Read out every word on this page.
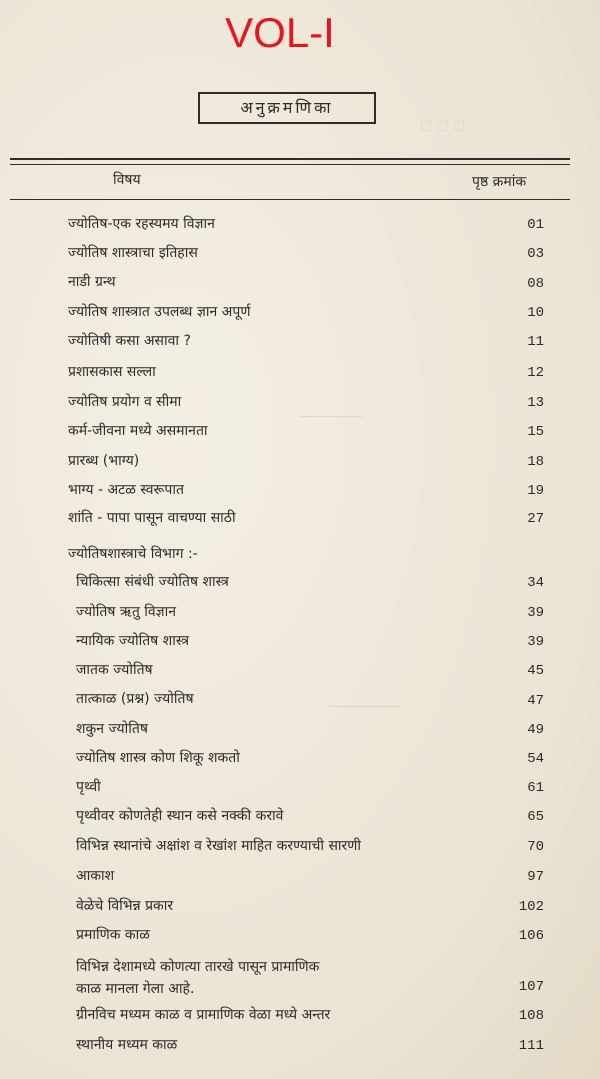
□ □ □
────────
─────────
VOL-I
अनुक्रमणिका
विषय	पृष्ठ क्रमांक
ज्योतिष-एक रहस्यमय विज्ञान	01
ज्योतिष शास्त्राचा इतिहास	03
नाडी ग्रन्थ	08
ज्योतिष शास्त्रात उपलब्ध ज्ञान अपूर्ण	10
ज्योतिषी कसा असावा ?	11
प्रशासकास सल्ला	12
ज्योतिष प्रयोग व सीमा	13
कर्म-जीवना मध्ये असमानता	15
प्रारब्ध (भाग्य)	18
भाग्य - अटळ स्वरूपात	19
शांति - पापा पासून वाचण्या साठी	27
ज्योतिषशास्त्राचे विभाग :-
चिकित्सा संबंधी ज्योतिष शास्त्र	34
ज्योतिष ऋतु विज्ञान	39
न्यायिक ज्योतिष शास्त्र	39
जातक ज्योतिष	45
तात्काळ (प्रश्न) ज्योतिष	47
शकुन ज्योतिष	49
ज्योतिष शास्त्र कोण शिकू शकतो	54
पृथ्वी	61
पृथ्वीवर कोणतेही स्थान कसे नक्की करावे	65
विभिन्न स्थानांचे अक्षांश व रेखांश माहित करण्याची सारणी	70
आकाश	97
वेळेचे विभिन्न प्रकार	102
प्रमाणिक काळ	106
विभिन्न देशामध्ये कोणत्या तारखे पासून प्रामाणिक
काळ मानला गेला आहे.	107
ग्रीनविच मध्यम काळ व प्रामाणिक वेळा मध्ये अन्तर	108
स्थानीय मध्यम काळ	111
